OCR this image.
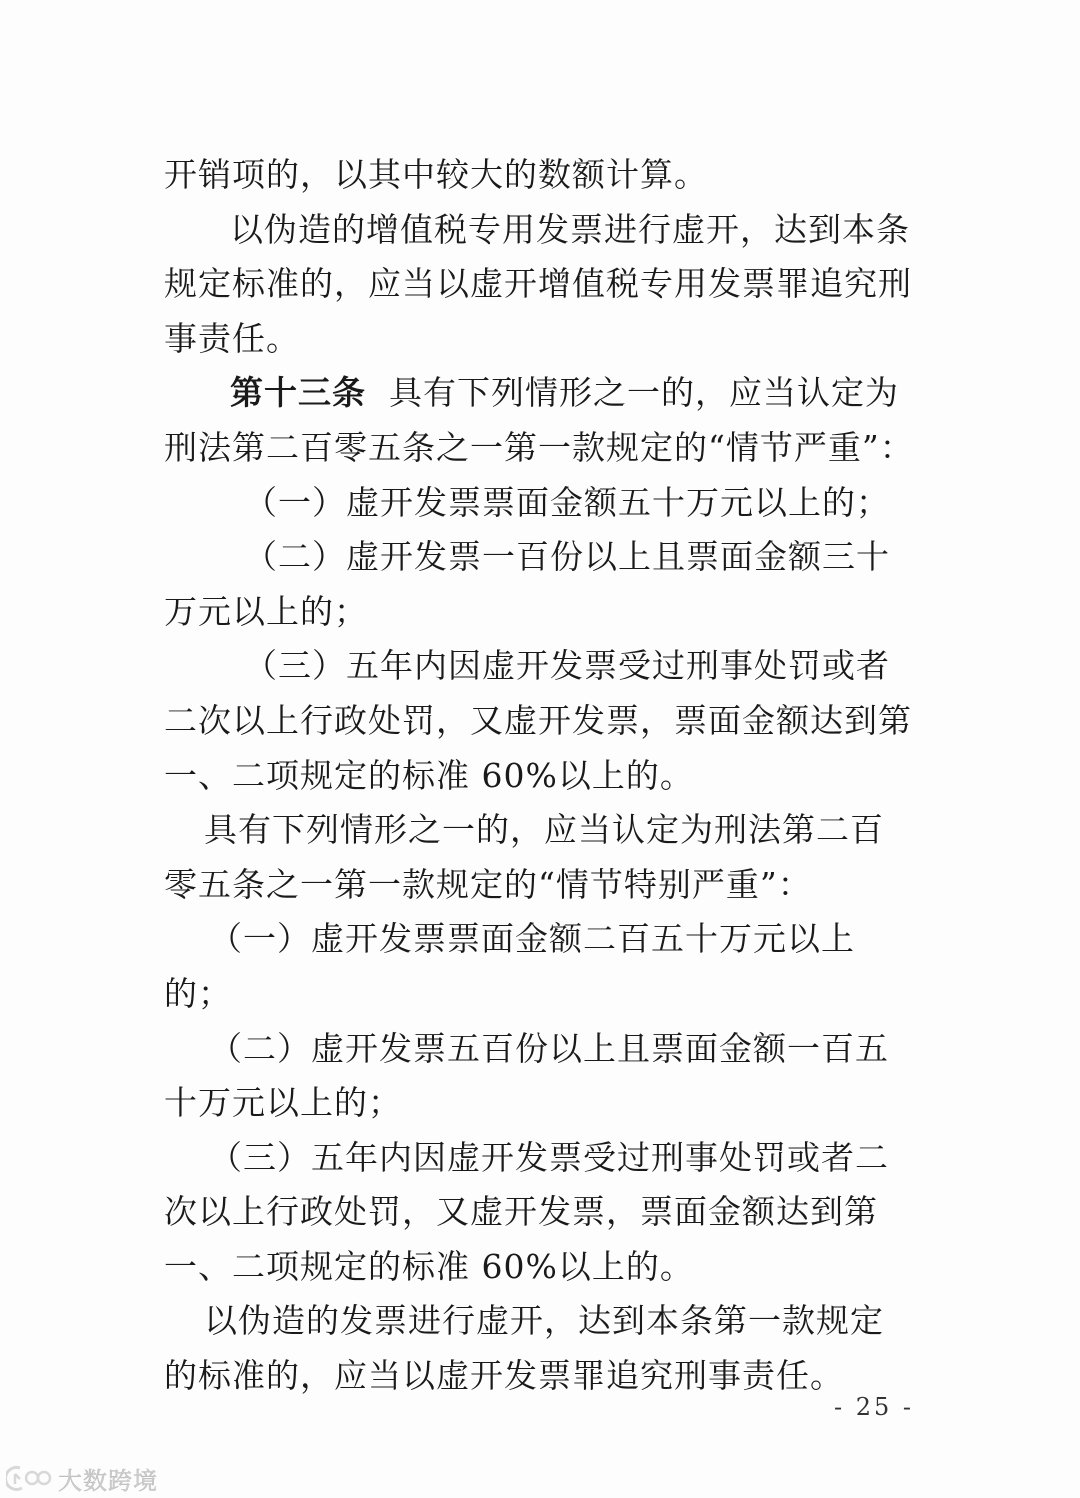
开销项的，以其中较大的数额计算。

以伪造的增值税专用发票进行虚开，达到本条规定标准的，应当以虚开增值税专用发票罪追究刑事责任。

第十三条 具有下列情形之一的，应当认定为刑法第二百零五条之一第一款规定的“情节严重”：

（一）虚开发票票面金额五十万元以上的；

（二）虚开发票一百份以上且票面金额三十万元以上的；

（三）五年内因虚开发票受过刑事处罚或者二次以上行政处罚，又虚开发票，票面金额达到第一、二项规定的标准 60%以上的。

具有下列情形之一的，应当认定为刑法第二百零五条之一第一款规定的“情节特别严重”：

（一）虚开发票票面金额二百五十万元以上的；

（二）虚开发票五百份以上且票面金额一百五十万元以上的；

（三）五年内因虚开发票受过刑事处罚或者二次以上行政处罚，又虚开发票，票面金额达到第一、二项规定的标准 60%以上的。

以伪造的发票进行虚开，达到本条第一款规定的标准的，应当以虚开发票罪追究刑事责任。

- 25 -
大数跨境
